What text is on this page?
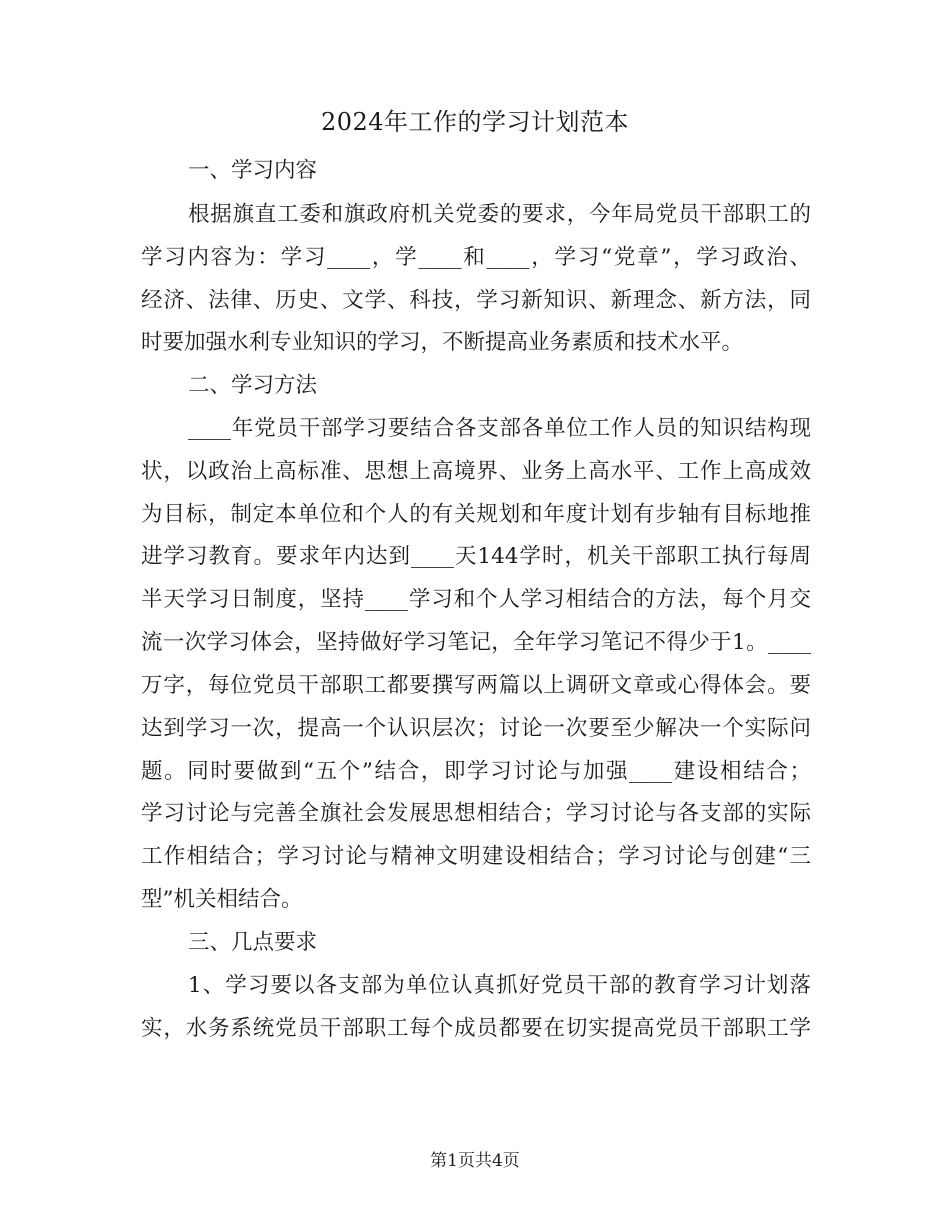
2024年工作的学习计划范本
一、学习内容
根据旗直工委和旗政府机关党委的要求，今年局党员干部职工的
学习内容为：学习____，学____和____，学习“党章”，学习政治、
经济、法律、历史、文学、科技，学习新知识、新理念、新方法，同
时要加强水利专业知识的学习，不断提高业务素质和技术水平。
二、学习方法
____年党员干部学习要结合各支部各单位工作人员的知识结构现
状，以政治上高标准、思想上高境界、业务上高水平、工作上高成效
为目标，制定本单位和个人的有关规划和年度计划有步轴有目标地推
进学习教育。要求年内达到____天144学时，机关干部职工执行每周
半天学习日制度，坚持____学习和个人学习相结合的方法，每个月交
流一次学习体会，坚持做好学习笔记，全年学习笔记不得少于1。____
万字，每位党员干部职工都要撰写两篇以上调研文章或心得体会。要
达到学习一次，提高一个认识层次；讨论一次要至少解决一个实际问
题。同时要做到“五个”结合，即学习讨论与加强____建设相结合；
学习讨论与完善全旗社会发展思想相结合；学习讨论与各支部的实际
工作相结合；学习讨论与精神文明建设相结合；学习讨论与创建“三
型”机关相结合。
三、几点要求
1、学习要以各支部为单位认真抓好党员干部的教育学习计划落
实，水务系统党员干部职工每个成员都要在切实提高党员干部职工学
第1页共4页
